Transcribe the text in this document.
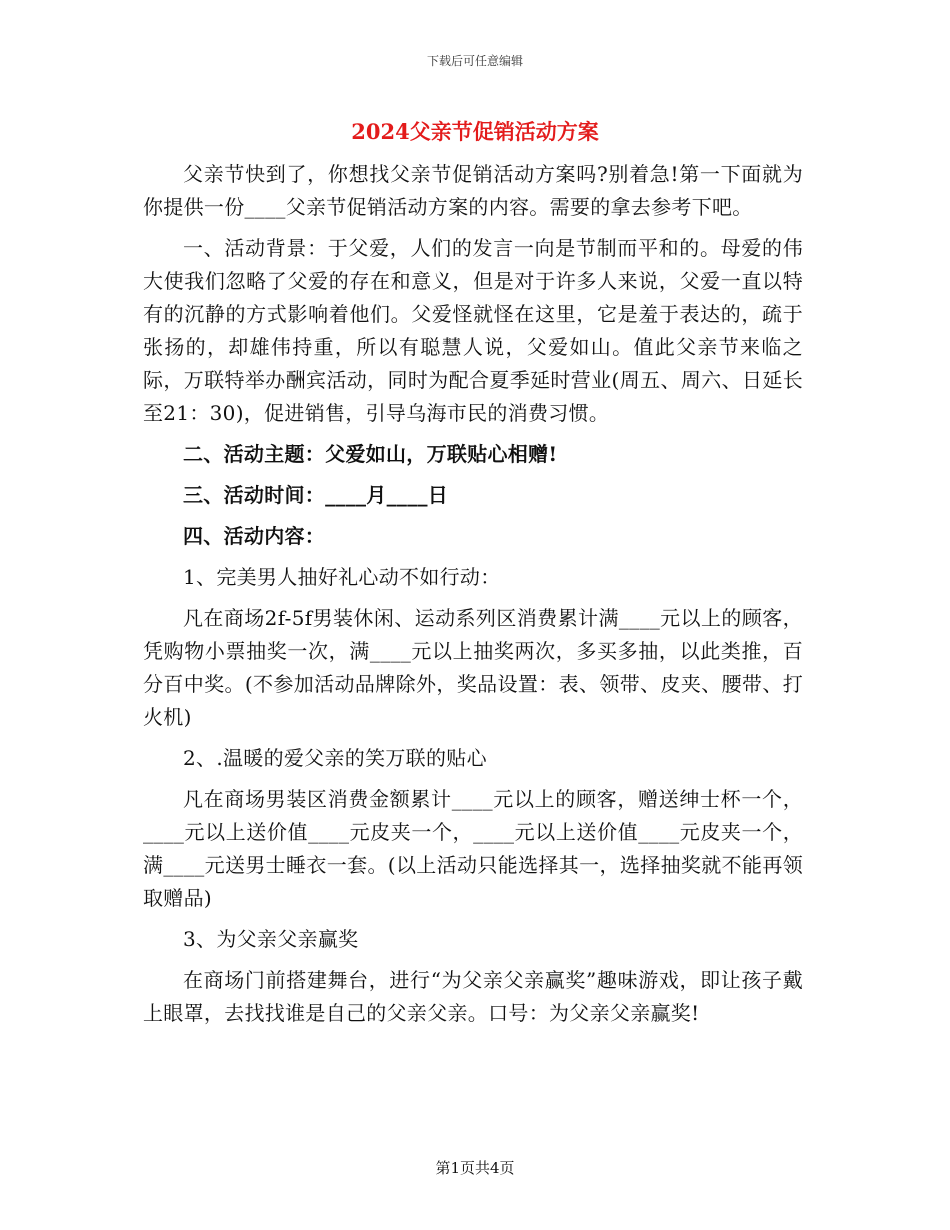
下载后可任意编辑
2024父亲节促销活动方案

父亲节快到了，你想找父亲节促销活动方案吗?别着急!第一下面就为你提供一份____父亲节促销活动方案的内容。需要的拿去参考下吧。

一、活动背景：于父爱，人们的发言一向是节制而平和的。母爱的伟大使我们忽略了父爱的存在和意义，但是对于许多人来说，父爱一直以特有的沉静的方式影响着他们。父爱怪就怪在这里，它是羞于表达的，疏于张扬的，却雄伟持重，所以有聪慧人说，父爱如山。值此父亲节来临之际，万联特举办酬宾活动，同时为配合夏季延时营业(周五、周六、日延长至21：30)，促进销售，引导乌海市民的消费习惯。

二、活动主题：父爱如山，万联贴心相赠!

三、活动时间：____月____日

四、活动内容：

1、完美男人抽好礼心动不如行动：

凡在商场2f-5f男装休闲、运动系列区消费累计满____元以上的顾客，凭购物小票抽奖一次，满____元以上抽奖两次，多买多抽，以此类推，百分百中奖。(不参加活动品牌除外，奖品设置：表、领带、皮夹、腰带、打火机)

2、.温暖的爱父亲的笑万联的贴心

凡在商场男装区消费金额累计____元以上的顾客，赠送绅士杯一个，____元以上送价值____元皮夹一个，____元以上送价值____元皮夹一个，满____元送男士睡衣一套。(以上活动只能选择其一，选择抽奖就不能再领取赠品)

3、为父亲父亲赢奖

在商场门前搭建舞台，进行“为父亲父亲赢奖”趣味游戏，即让孩子戴上眼罩，去找找谁是自己的父亲父亲。口号：为父亲父亲赢奖!

第1页共4页
